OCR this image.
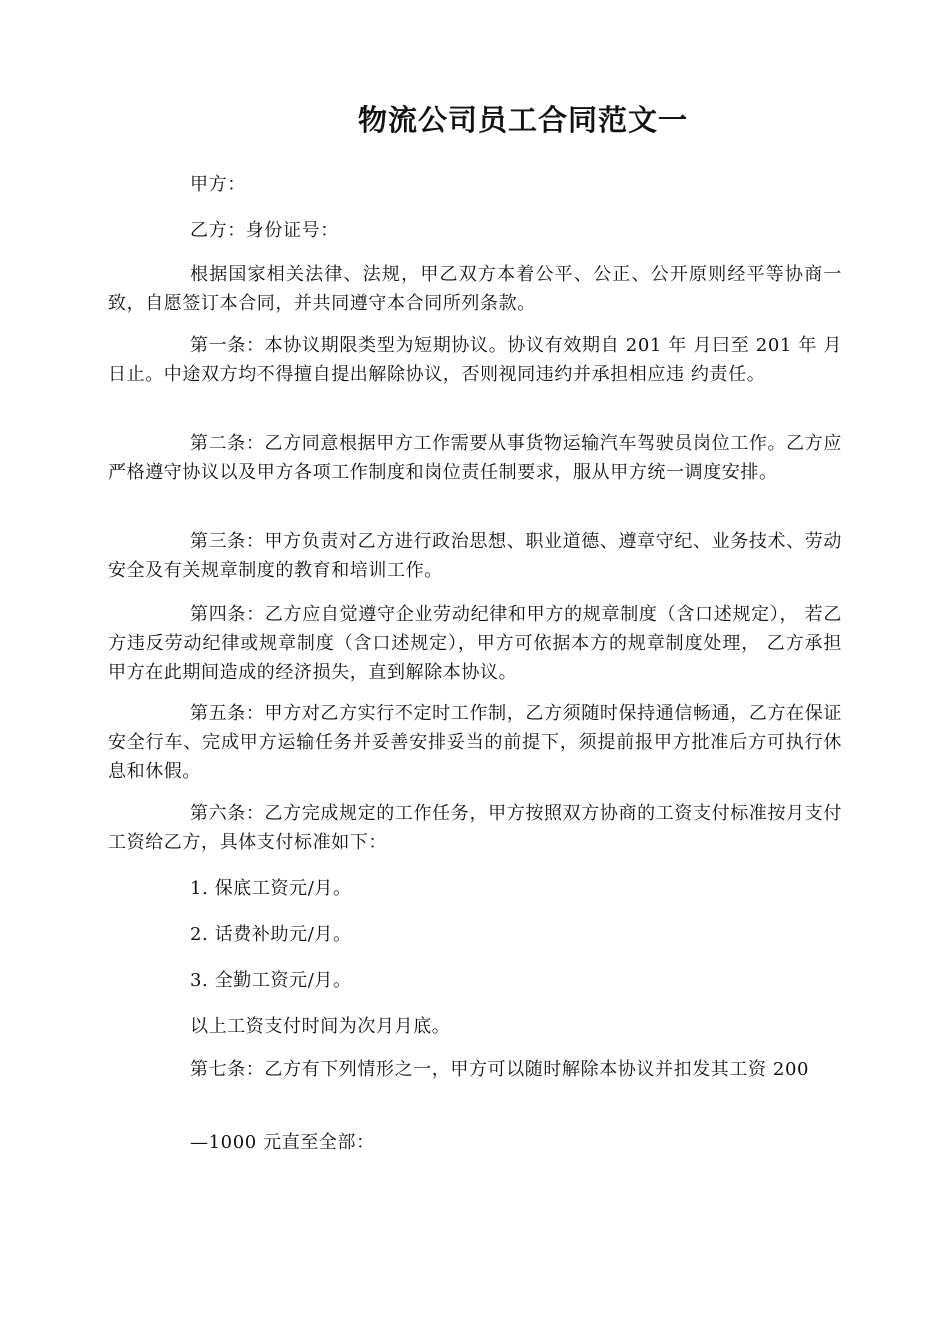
物流公司员工合同范文一

甲方：

乙方：身份证号：

根据国家相关法律、法规，甲乙双方本着公平、公正、公开原则经平等协商一致，自愿签订本合同，并共同遵守本合同所列条款。

第一条：本协议期限类型为短期协议。协议有效期自 201 年 月曰至 201 年 月 日止。中途双方均不得擅自提出解除协议，否则视同违约并承担相应违 约责任。

第二条：乙方同意根据甲方工作需要从事货物运输汽车驾驶员岗位工作。乙方应严格遵守协议以及甲方各项工作制度和岗位责任制要求，服从甲方统一调度安排。

第三条：甲方负责对乙方进行政治思想、职业道德、遵章守纪、业务技术、劳动安全及有关规章制度的教育和培训工作。

第四条：乙方应自觉遵守企业劳动纪律和甲方的规章制度（含口述规定）， 若乙方违反劳动纪律或规章制度（含口述规定），甲方可依据本方的规章制度处理， 乙方承担甲方在此期间造成的经济损失，直到解除本协议。

第五条：甲方对乙方实行不定时工作制，乙方须随时保持通信畅通，乙方在保证安全行车、完成甲方运输任务并妥善安排妥当的前提下，须提前报甲方批准后方可执行休息和休假。

第六条：乙方完成规定的工作任务，甲方按照双方协商的工资支付标准按月支付工资给乙方，具体支付标准如下：

1. 保底工资元/月。

2. 话费补助元/月。

3. 全勤工资元/月。

以上工资支付时间为次月月底。

第七条：乙方有下列情形之一，甲方可以随时解除本协议并扣发其工资 200

—1000 元直至全部：
